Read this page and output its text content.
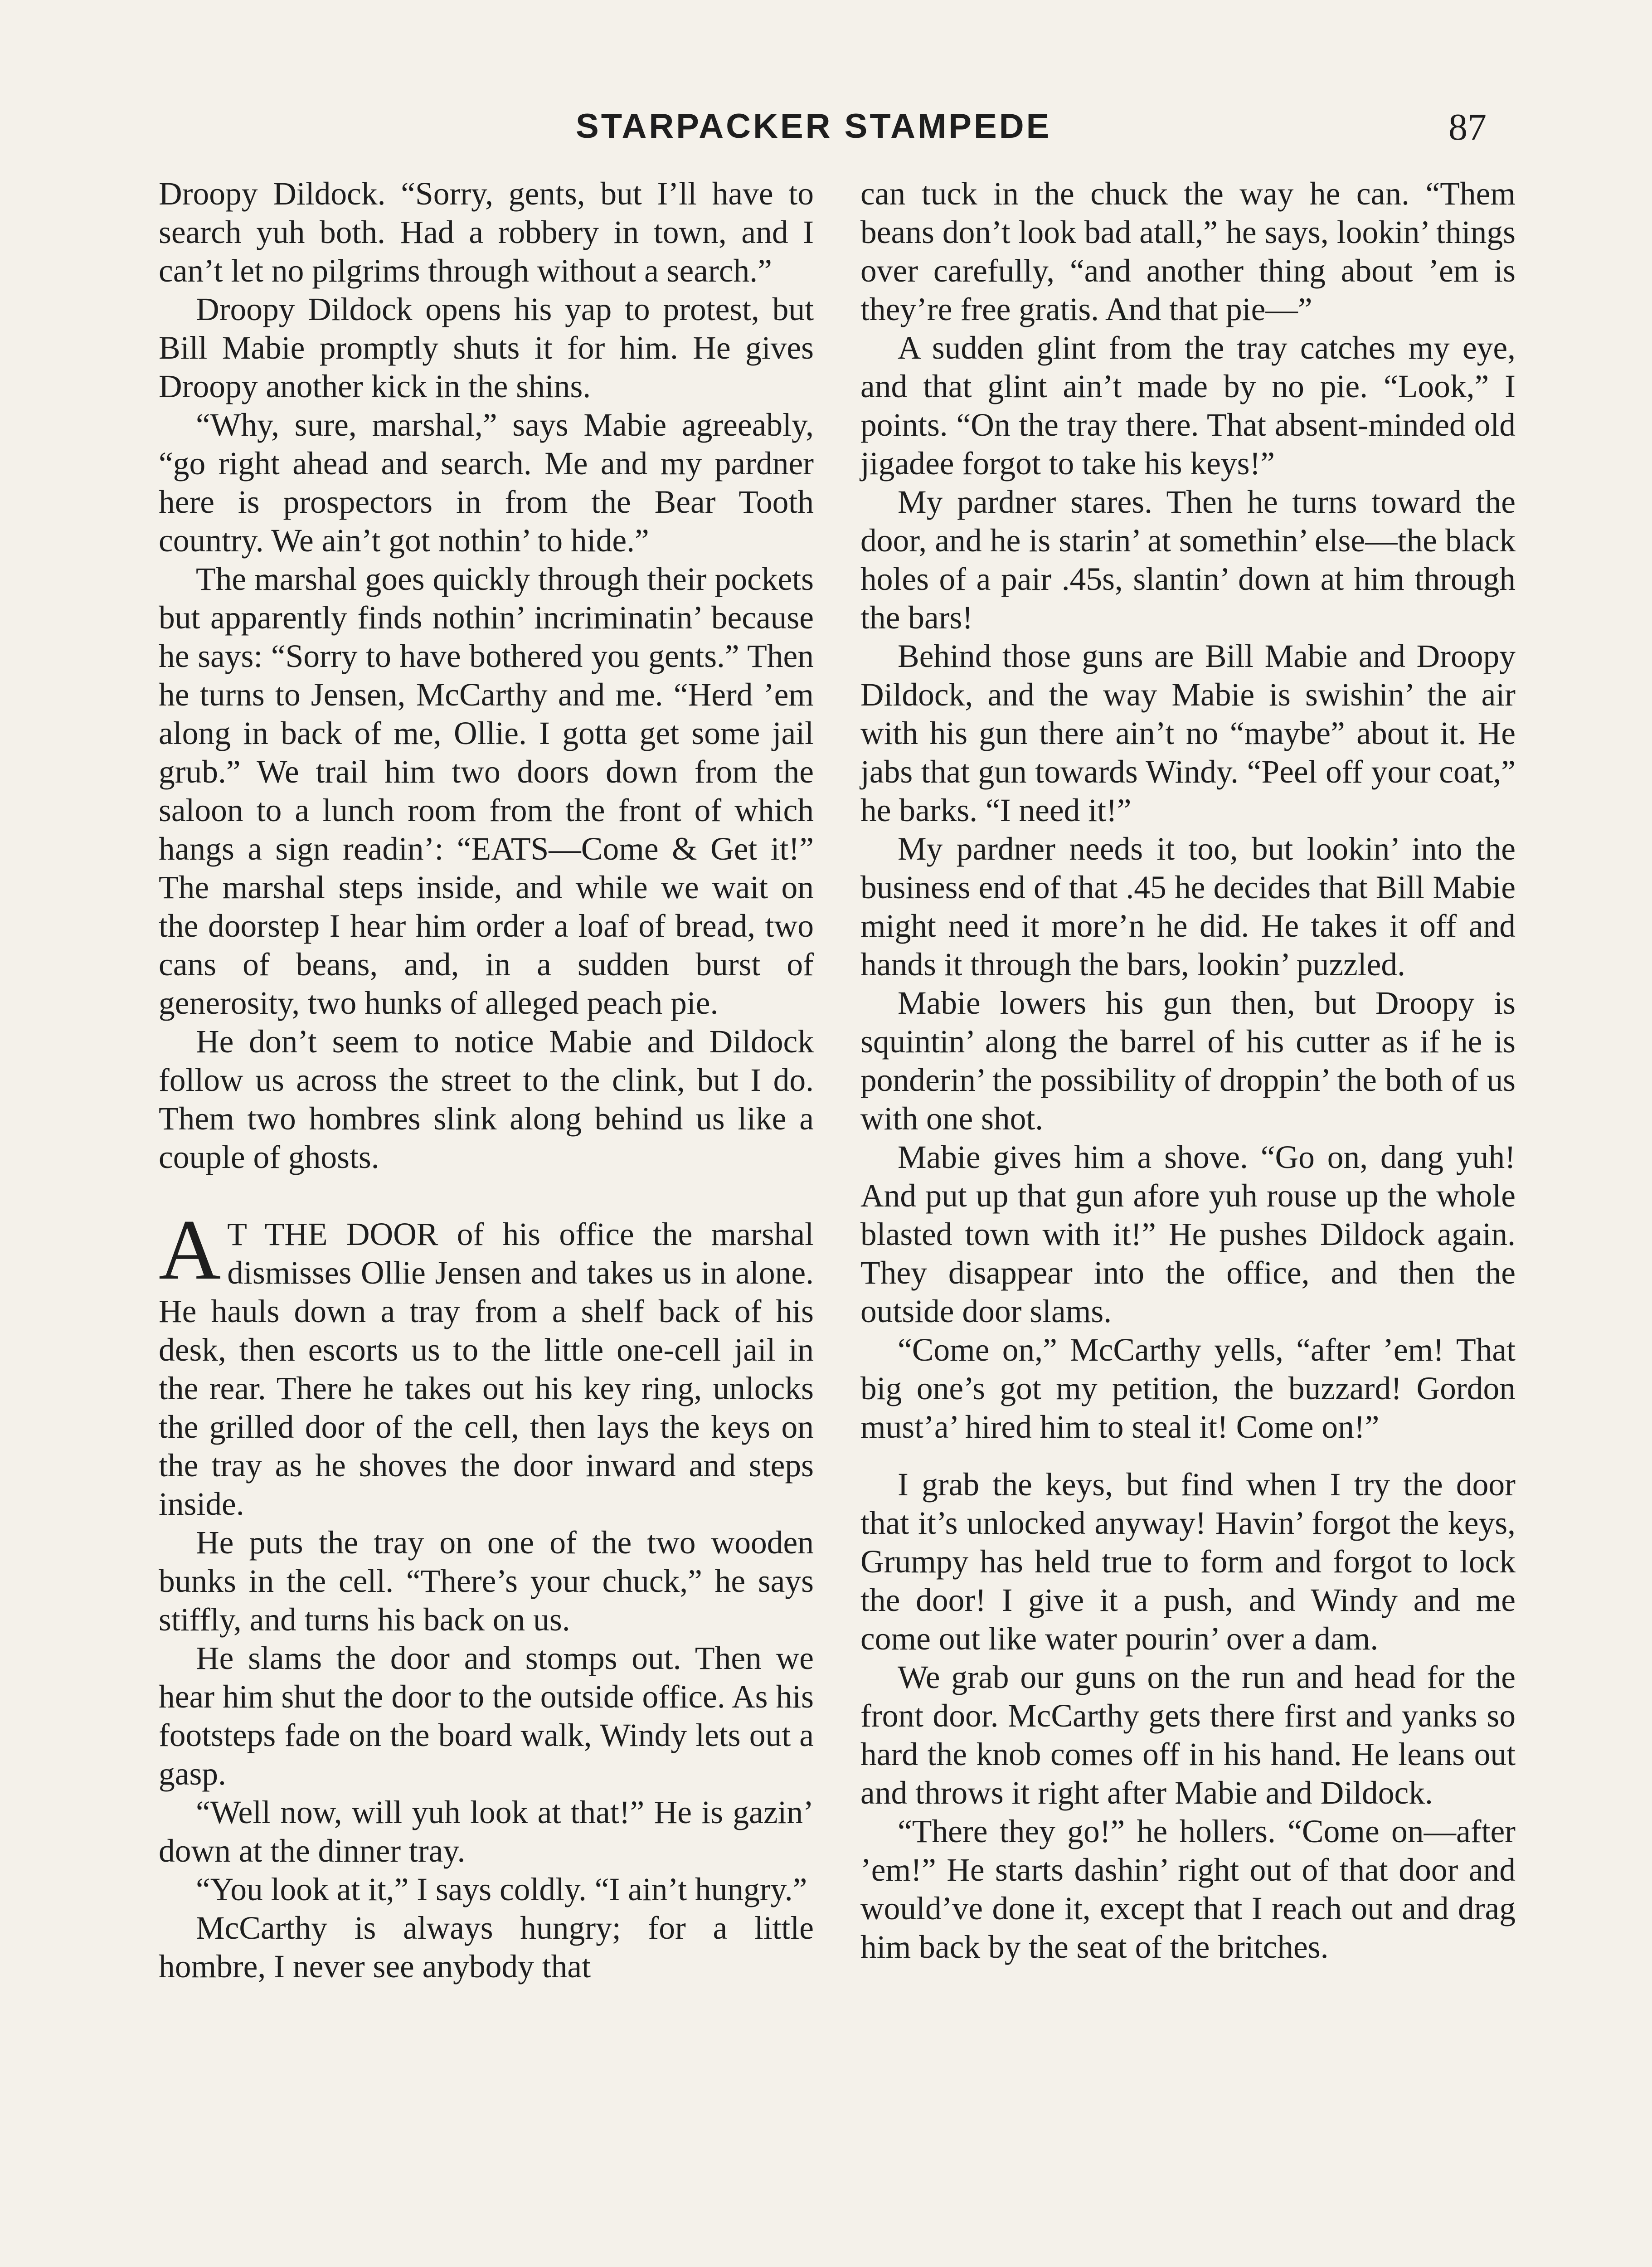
STARPACKER STAMPEDE	87

Droopy Dildock. “Sorry, gents, but I’ll have to search yuh both. Had a robbery in town, and I can’t let no pilgrims through without a search.”

Droopy Dildock opens his yap to protest, but Bill Mabie promptly shuts it for him. He gives Droopy another kick in the shins.

“Why, sure, marshal,” says Mabie agreeably, “go right ahead and search. Me and my pardner here is prospectors in from the Bear Tooth country. We ain’t got nothin’ to hide.”

The marshal goes quickly through their pockets but apparently finds nothin’ incriminatin’ because he says: “Sorry to have bothered you gents.” Then he turns to Jensen, McCarthy and me. “Herd ’em along in back of me, Ollie. I gotta get some jail grub.” We trail him two doors down from the saloon to a lunch room from the front of which hangs a sign readin’: “EATS—Come & Get it!” The marshal steps inside, and while we wait on the doorstep I hear him order a loaf of bread, two cans of beans, and, in a sudden burst of generosity, two hunks of alleged peach pie.

He don’t seem to notice Mabie and Dildock follow us across the street to the clink, but I do. Them two hombres slink along behind us like a couple of ghosts.

A T THE DOOR of his office the marshal dismisses Ollie Jensen and takes us in alone. He hauls down a tray from a shelf back of his desk, then escorts us to the little one-cell jail in the rear. There he takes out his key ring, unlocks the grilled door of the cell, then lays the keys on the tray as he shoves the door inward and steps inside.

He puts the tray on one of the two wooden bunks in the cell. “There’s your chuck,” he says stiffly, and turns his back on us.

He slams the door and stomps out. Then we hear him shut the door to the outside office. As his footsteps fade on the board walk, Windy lets out a gasp.

“Well now, will yuh look at that!” He is gazin’ down at the dinner tray.

“You look at it,” I says coldly. “I ain’t hungry.”

McCarthy is always hungry; for a little hombre, I never see anybody that

can tuck in the chuck the way he can. “Them beans don’t look bad atall,” he says, lookin’ things over carefully, “and another thing about ’em is they’re free gratis. And that pie—”

A sudden glint from the tray catches my eye, and that glint ain’t made by no pie. “Look,” I points. “On the tray there. That absent-minded old jigadee forgot to take his keys!”

My pardner stares. Then he turns toward the door, and he is starin’ at somethin’ else—the black holes of a pair .45s, slantin’ down at him through the bars!

Behind those guns are Bill Mabie and Droopy Dildock, and the way Mabie is swishin’ the air with his gun there ain’t no “maybe” about it. He jabs that gun towards Windy. “Peel off your coat,” he barks. “I need it!”

My pardner needs it too, but lookin’ into the business end of that .45 he decides that Bill Mabie might need it more’n he did. He takes it off and hands it through the bars, lookin’ puzzled.

Mabie lowers his gun then, but Droopy is squintin’ along the barrel of his cutter as if he is ponderin’ the possibility of droppin’ the both of us with one shot.

Mabie gives him a shove. “Go on, dang yuh! And put up that gun afore yuh rouse up the whole blasted town with it!” He pushes Dildock again. They disappear into the office, and then the outside door slams.

“Come on,” McCarthy yells, “after ’em! That big one’s got my petition, the buzzard! Gordon must’a’ hired him to steal it! Come on!”

I grab the keys, but find when I try the door that it’s unlocked anyway! Havin’ forgot the keys, Grumpy has held true to form and forgot to lock the door! I give it a push, and Windy and me come out like water pourin’ over a dam.

We grab our guns on the run and head for the front door. McCarthy gets there first and yanks so hard the knob comes off in his hand. He leans out and throws it right after Mabie and Dildock.

“There they go!” he hollers. “Come on—after ’em!” He starts dashin’ right out of that door and would’ve done it, except that I reach out and drag him back by the seat of the britches.
